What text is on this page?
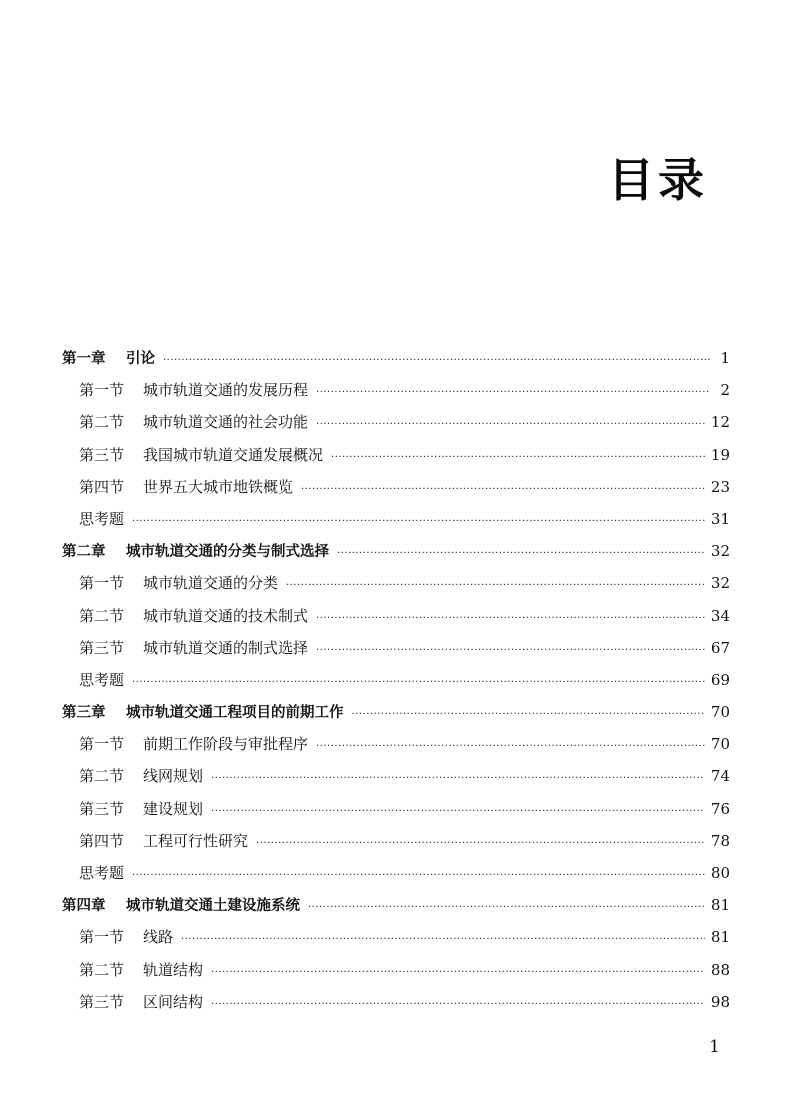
目录
第一章	引论 ·····	1
第一节	城市轨道交通的发展历程 ·····	2
第二节	城市轨道交通的社会功能 ·····	12
第三节	我国城市轨道交通发展概况 ·····	19
第四节	世界五大城市地铁概览 ·····	23
思考题 ·····	31
第二章	城市轨道交通的分类与制式选择 ·····	32
第一节	城市轨道交通的分类 ·····	32
第二节	城市轨道交通的技术制式 ·····	34
第三节	城市轨道交通的制式选择 ·····	67
思考题 ·····	69
第三章	城市轨道交通工程项目的前期工作 ·····	70
第一节	前期工作阶段与审批程序 ·····	70
第二节	线网规划 ·····	74
第三节	建设规划 ·····	76
第四节	工程可行性研究 ·····	78
思考题 ·····	80
第四章	城市轨道交通土建设施系统 ·····	81
第一节	线路 ·····	81
第二节	轨道结构 ·····	88
第三节	区间结构 ·····	98
1
